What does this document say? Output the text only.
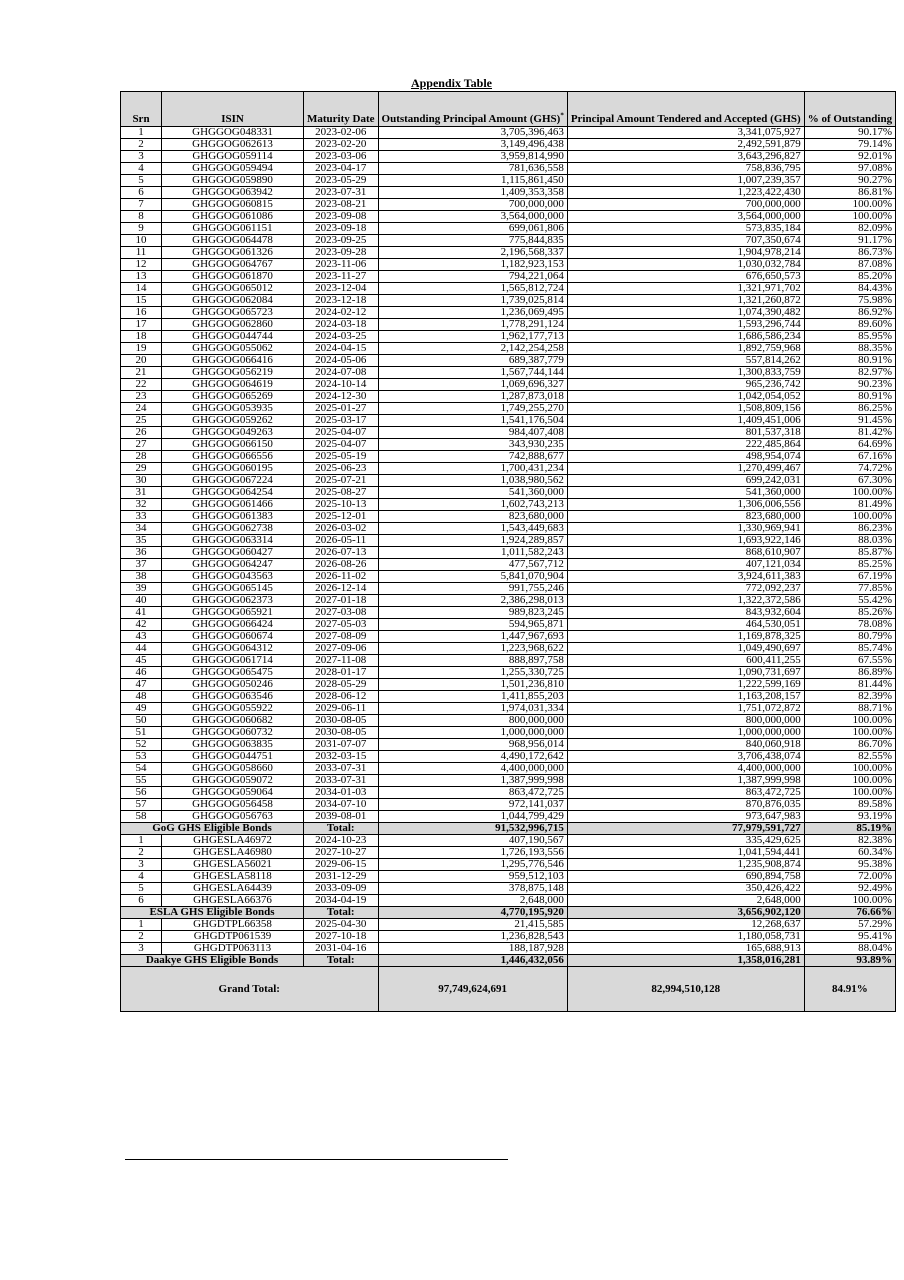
Appendix Table
Srn	ISIN	Maturity Date	Outstanding Principal Amount (GHS)*	Principal Amount Tendered and Accepted (GHS)	% of Outstanding
1	GHGGOG048331	2023-02-06	3,705,396,463	3,341,075,927	90.17%
2	GHGGOG062613	2023-02-20	3,149,496,438	2,492,591,879	79.14%
3	GHGGOG059114	2023-03-06	3,959,814,990	3,643,296,827	92.01%
4	GHGGOG059494	2023-04-17	781,636,558	758,836,795	97.08%
5	GHGGOG059890	2023-05-29	1,115,861,450	1,007,239,357	90.27%
6	GHGGOG063942	2023-07-31	1,409,353,358	1,223,422,430	86.81%
7	GHGGOG060815	2023-08-21	700,000,000	700,000,000	100.00%
8	GHGGOG061086	2023-09-08	3,564,000,000	3,564,000,000	100.00%
9	GHGGOG061151	2023-09-18	699,061,806	573,835,184	82.09%
10	GHGGOG064478	2023-09-25	775,844,835	707,350,674	91.17%
11	GHGGOG061326	2023-09-28	2,196,568,337	1,904,978,214	86.73%
12	GHGGOG064767	2023-11-06	1,182,923,153	1,030,032,784	87.08%
13	GHGGOG061870	2023-11-27	794,221,064	676,650,573	85.20%
14	GHGGOG065012	2023-12-04	1,565,812,724	1,321,971,702	84.43%
15	GHGGOG062084	2023-12-18	1,739,025,814	1,321,260,872	75.98%
16	GHGGOG065723	2024-02-12	1,236,069,495	1,074,390,482	86.92%
17	GHGGOG062860	2024-03-18	1,778,291,124	1,593,296,744	89.60%
18	GHGGOG044744	2024-03-25	1,962,177,713	1,686,586,234	85.95%
19	GHGGOG055062	2024-04-15	2,142,254,258	1,892,759,968	88.35%
20	GHGGOG066416	2024-05-06	689,387,779	557,814,262	80.91%
21	GHGGOG056219	2024-07-08	1,567,744,144	1,300,833,759	82.97%
22	GHGGOG064619	2024-10-14	1,069,696,327	965,236,742	90.23%
23	GHGGOG065269	2024-12-30	1,287,873,018	1,042,054,052	80.91%
24	GHGGOG053935	2025-01-27	1,749,255,270	1,508,809,156	86.25%
25	GHGGOG059262	2025-03-17	1,541,176,504	1,409,451,006	91.45%
26	GHGGOG049263	2025-04-07	984,407,408	801,537,318	81.42%
27	GHGGOG066150	2025-04-07	343,930,235	222,485,864	64.69%
28	GHGGOG066556	2025-05-19	742,888,677	498,954,074	67.16%
29	GHGGOG060195	2025-06-23	1,700,431,234	1,270,499,467	74.72%
30	GHGGOG067224	2025-07-21	1,038,980,562	699,242,031	67.30%
31	GHGGOG064254	2025-08-27	541,360,000	541,360,000	100.00%
32	GHGGOG061466	2025-10-13	1,602,743,213	1,306,006,556	81.49%
33	GHGGOG061383	2025-12-01	823,680,000	823,680,000	100.00%
34	GHGGOG062738	2026-03-02	1,543,449,683	1,330,969,941	86.23%
35	GHGGOG063314	2026-05-11	1,924,289,857	1,693,922,146	88.03%
36	GHGGOG060427	2026-07-13	1,011,582,243	868,610,907	85.87%
37	GHGGOG064247	2026-08-26	477,567,712	407,121,034	85.25%
38	GHGGOG043563	2026-11-02	5,841,070,904	3,924,611,383	67.19%
39	GHGGOG065145	2026-12-14	991,755,246	772,092,237	77.85%
40	GHGGOG062373	2027-01-18	2,386,298,013	1,322,372,586	55.42%
41	GHGGOG065921	2027-03-08	989,823,245	843,932,604	85.26%
42	GHGGOG066424	2027-05-03	594,965,871	464,530,051	78.08%
43	GHGGOG060674	2027-08-09	1,447,967,693	1,169,878,325	80.79%
44	GHGGOG064312	2027-09-06	1,223,968,622	1,049,490,697	85.74%
45	GHGGOG061714	2027-11-08	888,897,758	600,411,255	67.55%
46	GHGGOG065475	2028-01-17	1,255,330,725	1,090,731,697	86.89%
47	GHGGOG050246	2028-05-29	1,501,236,810	1,222,599,169	81.44%
48	GHGGOG063546	2028-06-12	1,411,855,203	1,163,208,157	82.39%
49	GHGGOG055922	2029-06-11	1,974,031,334	1,751,072,872	88.71%
50	GHGGOG060682	2030-08-05	800,000,000	800,000,000	100.00%
51	GHGGOG060732	2030-08-05	1,000,000,000	1,000,000,000	100.00%
52	GHGGOG063835	2031-07-07	968,956,014	840,060,918	86.70%
53	GHGGOG044751	2032-03-15	4,490,172,642	3,706,438,074	82.55%
54	GHGGOG058660	2033-07-31	4,400,000,000	4,400,000,000	100.00%
55	GHGGOG059072	2033-07-31	1,387,999,998	1,387,999,998	100.00%
56	GHGGOG059064	2034-01-03	863,472,725	863,472,725	100.00%
57	GHGGOG056458	2034-07-10	972,141,037	870,876,035	89.58%
58	GHGGOG056763	2039-08-01	1,044,799,429	973,647,983	93.19%
GoG GHS Eligible Bonds		Total:	91,532,996,715	77,979,591,727	85.19%
1	GHGESLA46972	2024-10-23	407,190,567	335,429,625	82.38%
2	GHGESLA46980	2027-10-27	1,726,193,556	1,041,594,441	60.34%
3	GHGESLA56021	2029-06-15	1,295,776,546	1,235,908,874	95.38%
4	GHGESLA58118	2031-12-29	959,512,103	690,894,758	72.00%
5	GHGESLA64439	2033-09-09	378,875,148	350,426,422	92.49%
6	GHGESLA66376	2034-04-19	2,648,000	2,648,000	100.00%
ESLA GHS Eligible Bonds		Total:	4,770,195,920	3,656,902,120	76.66%
1	GHGDTPL66358	2025-04-30	21,415,585	12,268,637	57.29%
2	GHGDTP061539	2027-10-18	1,236,828,543	1,180,058,731	95.41%
3	GHGDTP063113	2031-04-16	188,187,928	165,688,913	88.04%
Daakye GHS Eligible Bonds		Total:	1,446,432,056	1,358,016,281	93.89%
Grand Total:			97,749,624,691	82,994,510,128	84.91%
